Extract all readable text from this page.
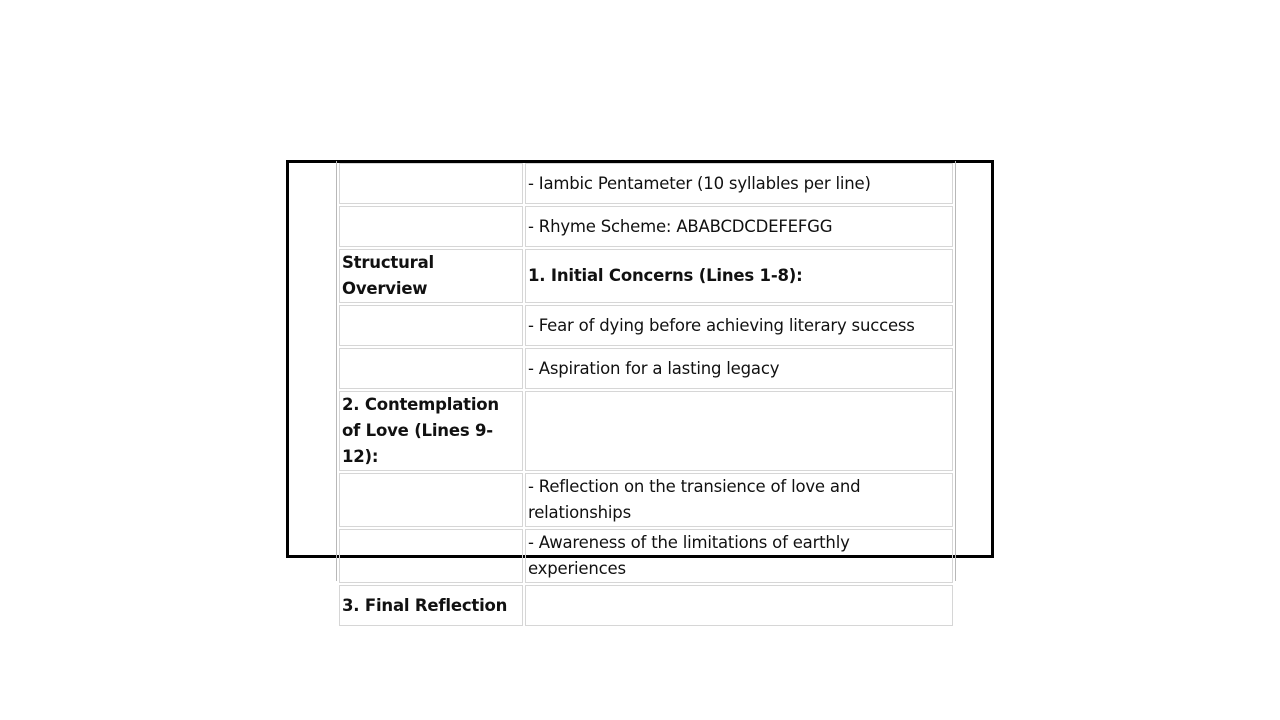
	- Iambic Pentameter (10 syllables per line)
	- Rhyme Scheme: ABABCDCDEFEFGG
Structural Overview	1. Initial Concerns (Lines 1-8):
	- Fear of dying before achieving literary success
	- Aspiration for a lasting legacy
2. Contemplation of Love (Lines 9-12):	
	- Reflection on the transience of love and relationships
	- Awareness of the limitations of earthly experiences
3. Final Reflection	
